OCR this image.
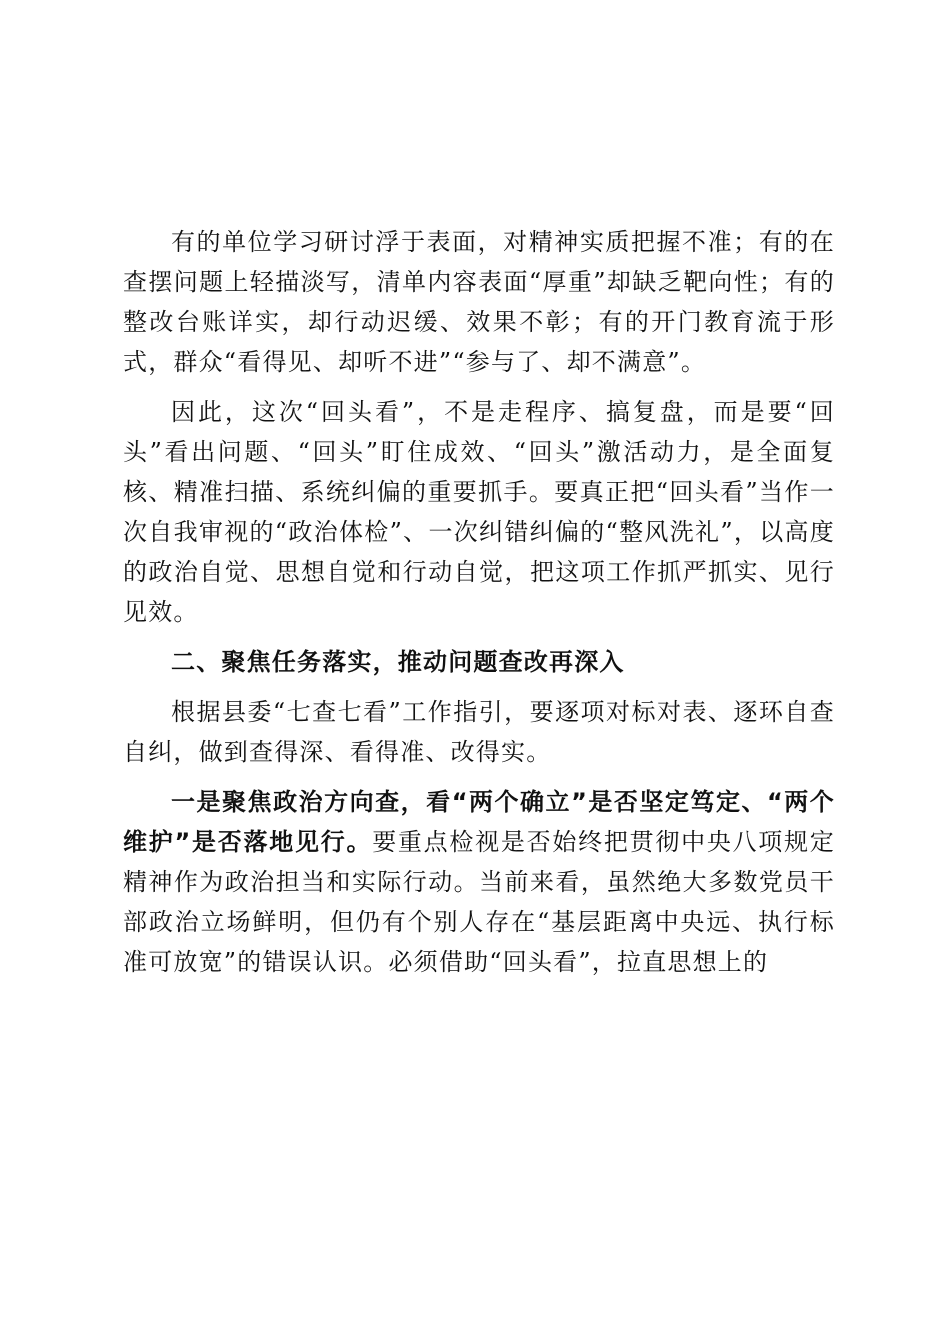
有的单位学习研讨浮于表面，对精神实质把握不准；有的在查摆问题上轻描淡写，清单内容表面“厚重”却缺乏靶向性；有的整改台账详实，却行动迟缓、效果不彰；有的开门教育流于形式，群众“看得见、却听不进”“参与了、却不满意”。

因此，这次“回头看”，不是走程序、搞复盘，而是要“回头”看出问题、“回头”盯住成效、“回头”激活动力，是全面复核、精准扫描、系统纠偏的重要抓手。要真正把“回头看”当作一次自我审视的“政治体检”、一次纠错纠偏的“整风洗礼”，以高度的政治自觉、思想自觉和行动自觉，把这项工作抓严抓实、见行见效。

二、聚焦任务落实，推动问题查改再深入

根据县委“七查七看”工作指引，要逐项对标对表、逐环自查自纠，做到查得深、看得准、改得实。

一是聚焦政治方向查，看“两个确立”是否坚定笃定、“两个维护”是否落地见行。要重点检视是否始终把贯彻中央八项规定精神作为政治担当和实际行动。当前来看，虽然绝大多数党员干部政治立场鲜明，但仍有个别人存在“基层距离中央远、执行标准可放宽”的错误认识。必须借助“回头看”，拉直思想上的
